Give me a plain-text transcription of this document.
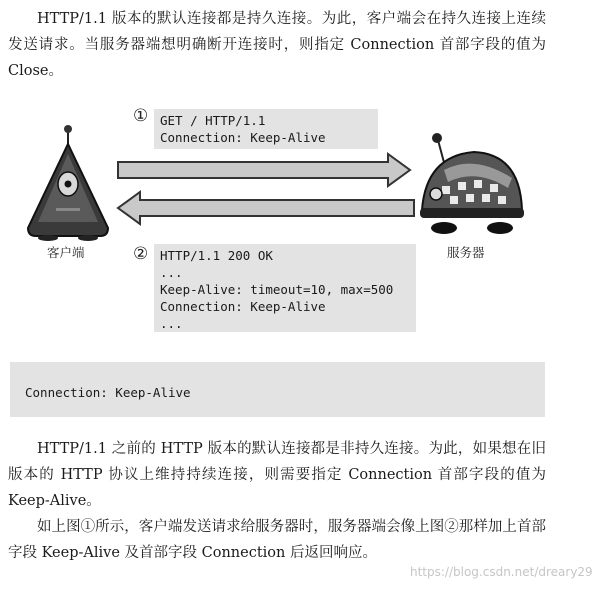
HTTP/1.1 版本的默认连接都是持久连接。为此，客户端会在持久连接上连续发送请求。当服务器端想明确断开连接时，则指定 Connection 首部字段的值为 Close。

GET / HTTP/1.1
Connection: Keep-Alive
①
HTTP/1.1 200 OK
...
Keep-Alive: timeout=10, max=500
Connection: Keep-Alive
...
②
客户端	服务器
Connection: Keep-Alive

HTTP/1.1 之前的 HTTP 版本的默认连接都是非持久连接。为此，如果想在旧版本的 HTTP 协议上维持持续连接，则需要指定 Connection 首部字段的值为 Keep-Alive。

如上图①所示，客户端发送请求给服务器时，服务器端会像上图②那样加上首部字段 Keep-Alive 及首部字段 Connection 后返回响应。

https://blog.csdn.net/dreary29
